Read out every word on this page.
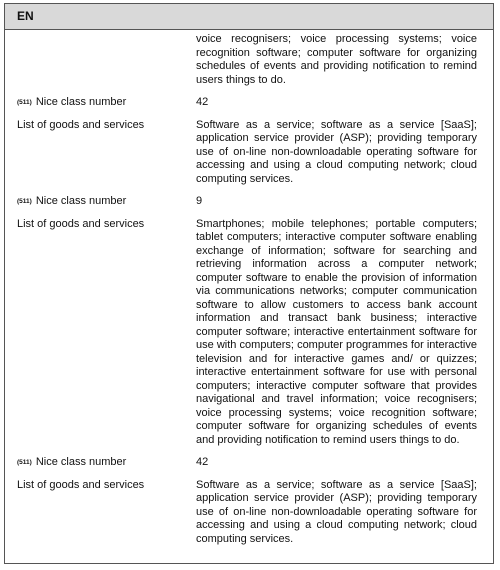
EN
voice recognisers; voice processing systems; voice recognition software; computer software for organizing schedules of events and providing notification to remind users things to do.
(511) Nice class number	42
List of goods and services	Software as a service; software as a service [SaaS]; application service provider (ASP); providing temporary use of on-line non-downloadable operating software for accessing and using a cloud computing network; cloud computing services.
(511) Nice class number	9
List of goods and services	Smartphones; mobile telephones; portable computers; tablet computers; interactive computer software enabling exchange of information; software for searching and retrieving information across a computer network; computer software to enable the provision of information via communications networks; computer communication software to allow customers to access bank account information and transact bank business; interactive computer software; interactive entertainment software for use with computers; computer programmes for interactive television and for interactive games and/ or quizzes; interactive entertainment software for use with personal computers; interactive computer software that provides navigational and travel information; voice recognisers; voice processing systems; voice recognition software; computer software for organizing schedules of events and providing notification to remind users things to do.
(511) Nice class number	42
List of goods and services	Software as a service; software as a service [SaaS]; application service provider (ASP); providing temporary use of on-line non-downloadable operating software for accessing and using a cloud computing network; cloud computing services.
